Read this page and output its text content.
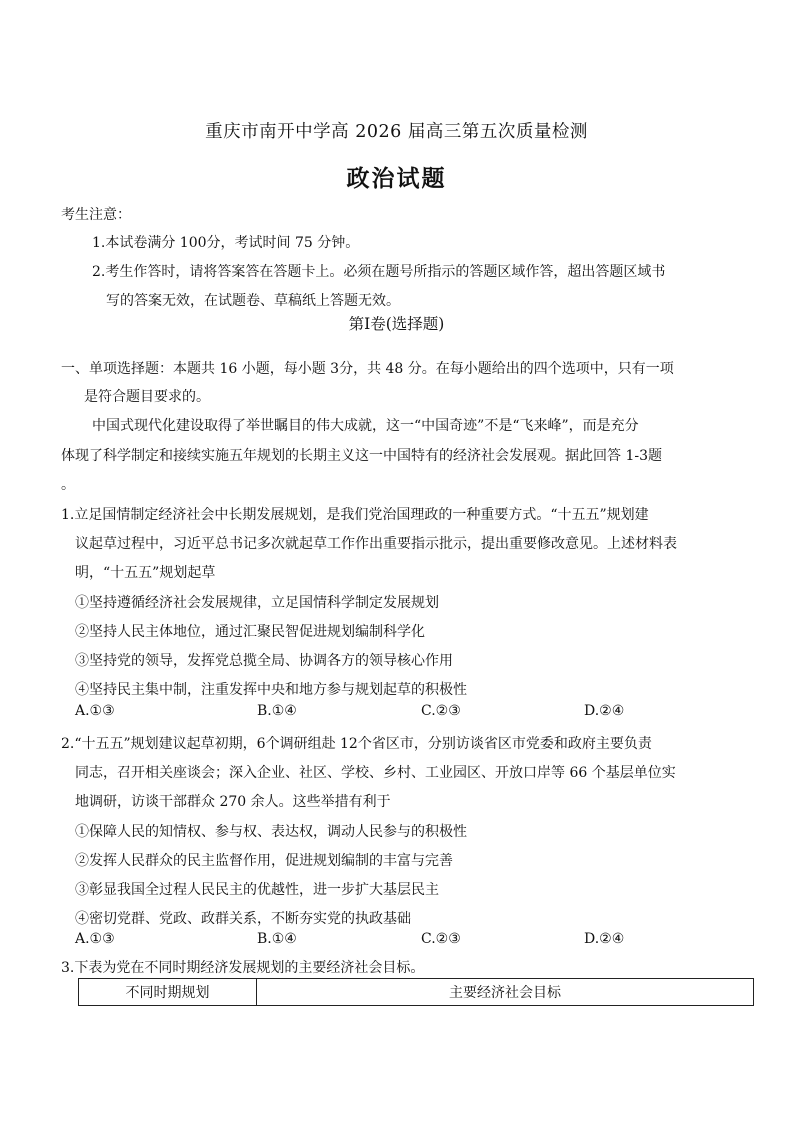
重庆市南开中学高 2026 届高三第五次质量检测
政治试题
考生注意：
1.本试卷满分 100分，考试时间 75 分钟。
2.考生作答时，请将答案答在答题卡上。必须在题号所指示的答题区域作答，超出答题区域书
写的答案无效，在试题卷、草稿纸上答题无效。
第Ⅰ卷(选择题)
一、单项选择题：本题共 16 小题，每小题 3分，共 48 分。在每小题给出的四个选项中，只有一项
是符合题目要求的。
中国式现代化建设取得了举世瞩目的伟大成就，这一“中国奇迹”不是“飞来峰”，而是充分
体现了科学制定和接续实施五年规划的长期主义这一中国特有的经济社会发展观。据此回答 1-3题
。
1.立足国情制定经济社会中长期发展规划，是我们党治国理政的一种重要方式。“十五五”规划建
议起草过程中，习近平总书记多次就起草工作作出重要指示批示，提出重要修改意见。上述材料表
明，“十五五”规划起草
①坚持遵循经济社会发展规律，立足国情科学制定发展规划
②坚持人民主体地位，通过汇聚民智促进规划编制科学化
③坚持党的领导，发挥党总揽全局、协调各方的领导核心作用
④坚持民主集中制，注重发挥中央和地方参与规划起草的积极性
A.①③	B.①④	C.②③	D.②④
2.“十五五”规划建议起草初期，6个调研组赴 12个省区市，分别访谈省区市党委和政府主要负责
同志，召开相关座谈会；深入企业、社区、学校、乡村、工业园区、开放口岸等 66 个基层单位实
地调研，访谈干部群众 270 余人。这些举措有利于
①保障人民的知情权、参与权、表达权，调动人民参与的积极性
②发挥人民群众的民主监督作用，促进规划编制的丰富与完善
③彰显我国全过程人民民主的优越性，进一步扩大基层民主
④密切党群、党政、政群关系，不断夯实党的执政基础
A.①③	B.①④	C.②③	D.②④
3.下表为党在不同时期经济发展规划的主要经济社会目标。
不同时期规划	主要经济社会目标
